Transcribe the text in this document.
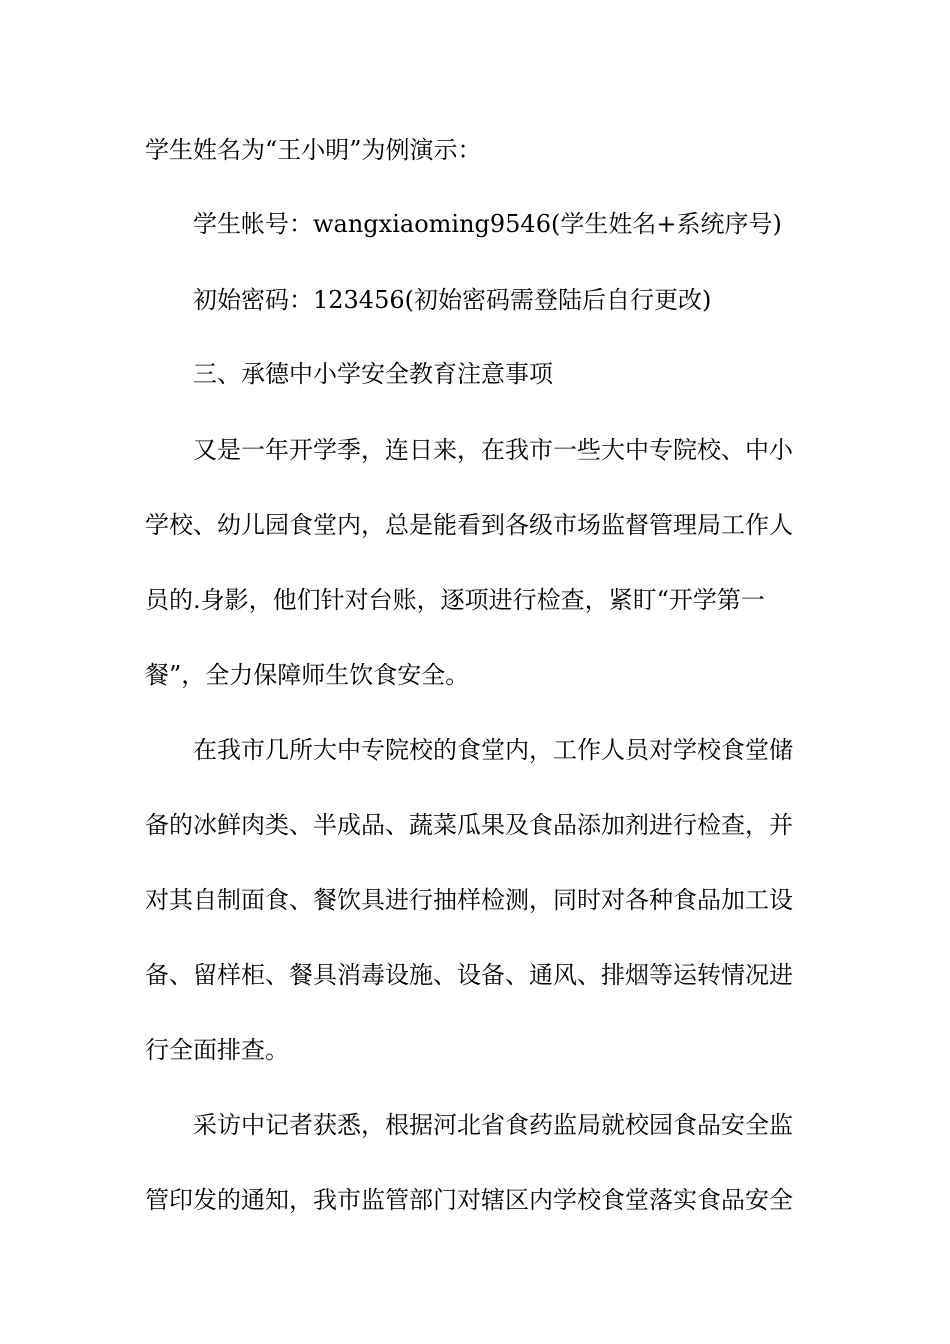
学生姓名为“王小明”为例演示：
学生帐号：wangxiaoming9546(学生姓名+系统序号)
初始密码：123456(初始密码需登陆后自行更改)
三、承德中小学安全教育注意事项
又是一年开学季，连日来，在我市一些大中专院校、中小
学校、幼儿园食堂内，总是能看到各级市场监督管理局工作人
员的.身影，他们针对台账，逐项进行检查，紧盯“开学第一
餐”，全力保障师生饮食安全。
在我市几所大中专院校的食堂内，工作人员对学校食堂储
备的冰鲜肉类、半成品、蔬菜瓜果及食品添加剂进行检查，并
对其自制面食、餐饮具进行抽样检测，同时对各种食品加工设
备、留样柜、餐具消毒设施、设备、通风、排烟等运转情况进
行全面排查。
采访中记者获悉，根据河北省食药监局就校园食品安全监
管印发的通知，我市监管部门对辖区内学校食堂落实食品安全
